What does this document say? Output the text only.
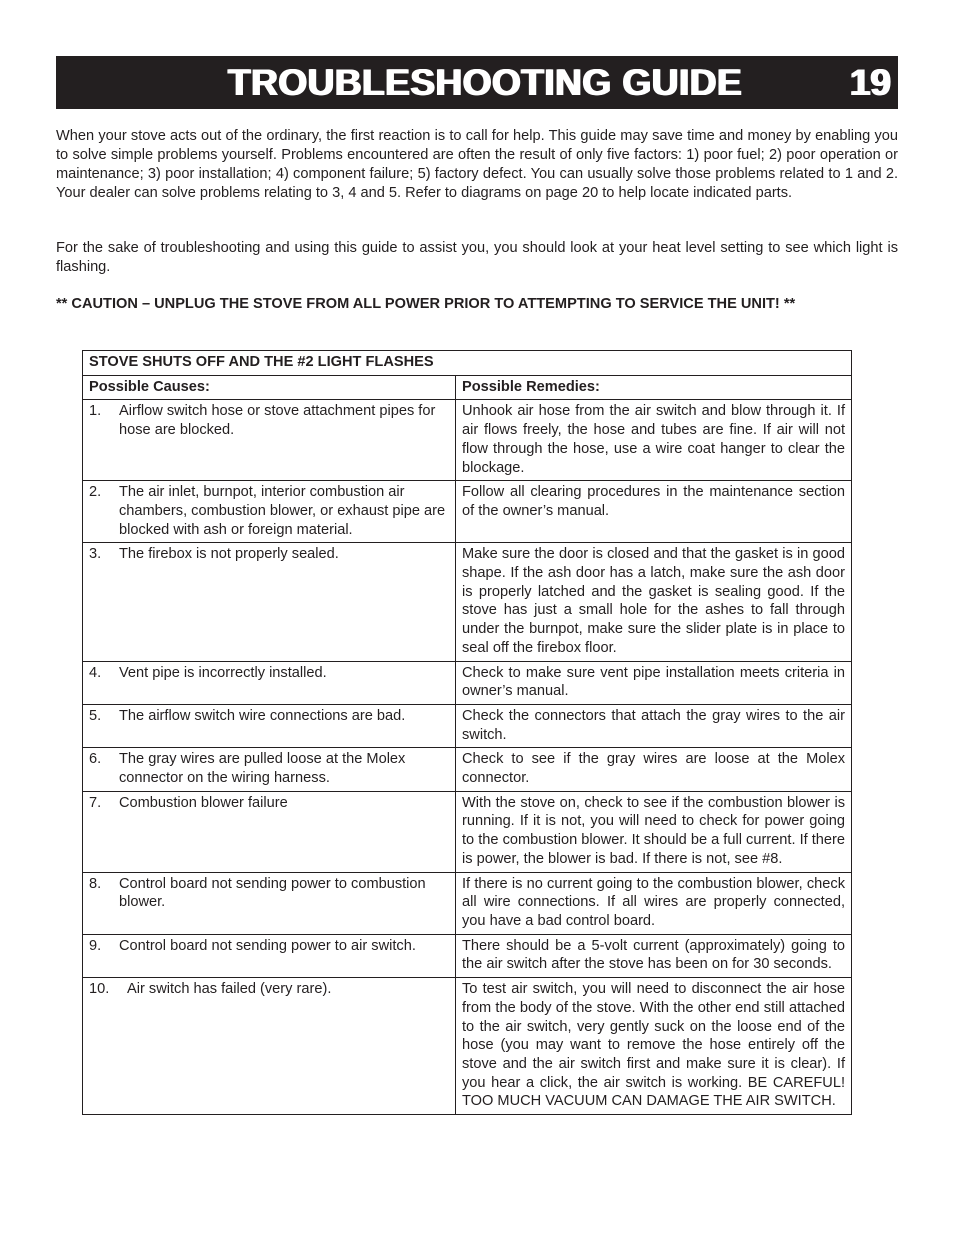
TROUBLESHOOTING GUIDE	19

When your stove acts out of the ordinary, the first reaction is to call for help. This guide may save time and money by enabling you to solve simple problems yourself. Problems encountered are often the result of only five factors: 1) poor fuel; 2) poor operation or maintenance; 3) poor installation; 4) component failure; 5) factory defect. You can usually solve those problems related to 1 and 2. Your dealer can solve problems relating to 3, 4 and 5. Refer to diagrams on page 20 to help locate indicated parts.

For the sake of troubleshooting and using this guide to assist you, you should look at your heat level setting to see which light is flashing.

** CAUTION – UNPLUG THE STOVE FROM ALL POWER PRIOR TO ATTEMPTING TO SERVICE THE UNIT! **

STOVE SHUTS OFF AND THE #2 LIGHT FLASHES	
Possible Causes:	Possible Remedies:

1. Airflow switch hose or stove attachment pipes for hose are blocked.	Unhook air hose from the air switch and blow through it. If air flows freely, the hose and tubes are fine. If air will not flow through the hose, use a wire coat hanger to clear the blockage.

2. The air inlet, burnpot, interior combustion air chambers, combustion blower, or exhaust pipe are blocked with ash or foreign material.	Follow all clearing procedures in the maintenance section of the owner’s manual.

3. The firebox is not properly sealed.	Make sure the door is closed and that the gasket is in good shape. If the ash door has a latch, make sure the ash door is properly latched and the gasket is sealing good. If the stove has just a small hole for the ashes to fall through under the burnpot, make sure the slider plate is in place to seal off the firebox floor.

4. Vent pipe is incorrectly installed.	Check to make sure vent pipe installation meets criteria in owner’s manual.

5. The airflow switch wire connections are bad.	Check the connectors that attach the gray wires to the air switch.

6. The gray wires are pulled loose at the Molex connector on the wiring harness.	Check to see if the gray wires are loose at the Molex connector.

7. Combustion blower failure	With the stove on, check to see if the combustion blower is running. If it is not, you will need to check for power going to the combustion blower. It should be a full current. If there is power, the blower is bad. If there is not, see #8.

8. Control board not sending power to combustion blower.	If there is no current going to the combustion blower, check all wire connections. If all wires are properly connected, you have a bad control board.

9. Control board not sending power to air switch.	There should be a 5-volt current (approximately) going to the air switch after the stove has been on for 30 seconds.

10. Air switch has failed (very rare).	To test air switch, you will need to disconnect the air hose from the body of the stove. With the other end still attached to the air switch, very gently suck on the loose end of the hose (you may want to remove the hose entirely off the stove and the air switch first and make sure it is clear). If you hear a click, the air switch is working. BE CAREFUL! TOO MUCH VACUUM CAN DAMAGE THE AIR SWITCH.
